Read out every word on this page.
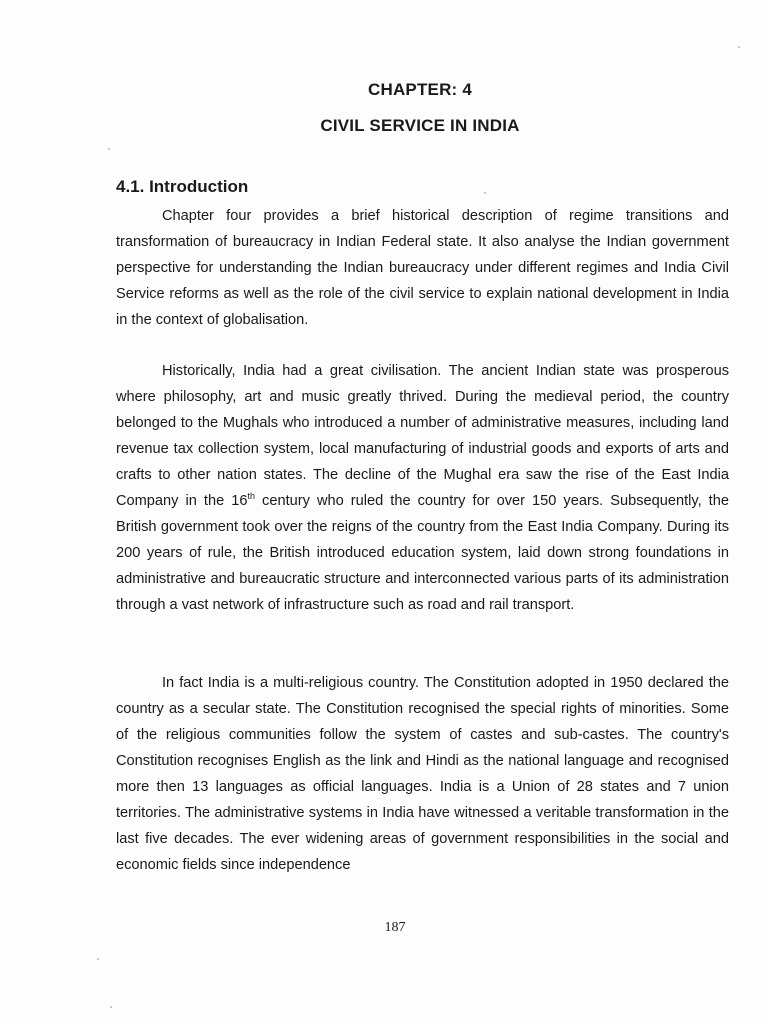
CHAPTER: 4
CIVIL SERVICE IN INDIA
4.1. Introduction

Chapter four provides a brief historical description of regime transitions and transformation of bureaucracy in Indian Federal state. It also analyse the Indian government perspective for understanding the Indian bureaucracy under different regimes and India Civil Service reforms as well as the role of the civil service to explain national development in India in the context of globalisation.

Historically, India had a great civilisation. The ancient Indian state was prosperous where philosophy, art and music greatly thrived. During the medieval period, the country belonged to the Mughals who introduced a number of administrative measures, including land revenue tax collection system, local manufacturing of industrial goods and exports of arts and crafts to other nation states. The decline of the Mughal era saw the rise of the East India Company in the 16th century who ruled the country for over 150 years. Subsequently, the British government took over the reigns of the country from the East India Company. During its 200 years of rule, the British introduced education system, laid down strong foundations in administrative and bureaucratic structure and interconnected various parts of its administration through a vast network of infrastructure such as road and rail transport.

In fact India is a multi-religious country. The Constitution adopted in 1950 declared the country as a secular state. The Constitution recognised the special rights of minorities. Some of the religious communities follow the system of castes and sub-castes. The country's Constitution recognises English as the link and Hindi as the national language and recognised more then 13 languages as official languages. India is a Union of 28 states and 7 union territories. The administrative systems in India have witnessed a veritable transformation in the last five decades. The ever widening areas of government responsibilities in the social and economic fields since independence

187
